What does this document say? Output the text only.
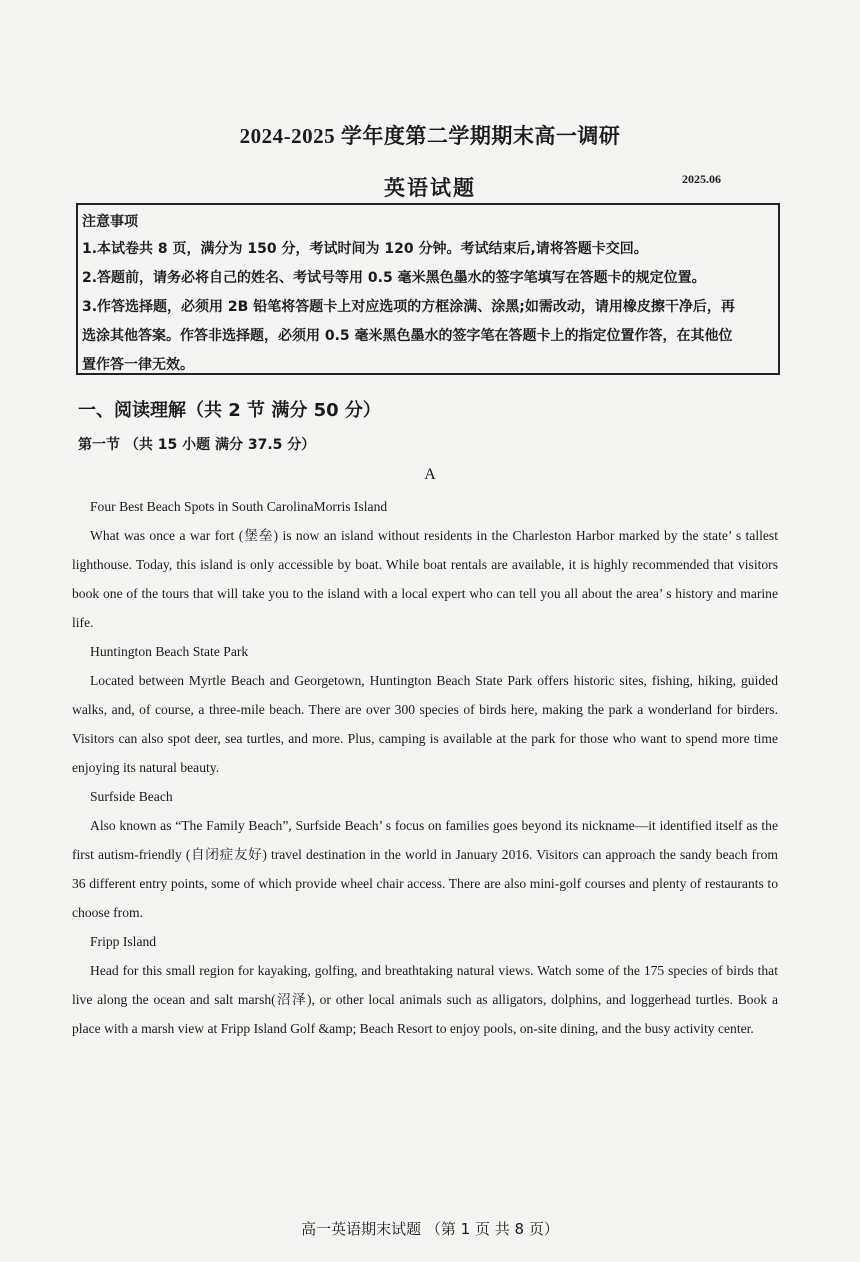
2024-2025 学年度第二学期期末高一调研
英语试题	2025.06
注意事项
1.本试卷共 8 页，满分为 150 分，考试时间为 120 分钟。考试结束后,请将答题卡交回。
2.答题前，请务必将自己的姓名、考试号等用 0.5 毫米黑色墨水的签字笔填写在答题卡的规定位置。
3.作答选择题，必须用 2B 铅笔将答题卡上对应选项的方框涂满、涂黑;如需改动，请用橡皮擦干净后，再
选涂其他答案。作答非选择题，必须用 0.5 毫米黑色墨水的签字笔在答题卡上的指定位置作答，在其他位
置作答一律无效。
一、阅读理解（共 2 节 满分 50 分）
第一节 （共 15 小题 满分 37.5 分）
A

Four Best Beach Spots in South CarolinaMorris Island

What was once a war fort (堡垒) is now an island without residents in the Charleston Harbor marked by the state’ s tallest lighthouse. Today, this island is only accessible by boat. While boat rentals are available, it is highly recommended that visitors book one of the tours that will take you to the island with a local expert who can tell you all about the area’ s history and marine life.

Huntington Beach State Park

Located between Myrtle Beach and Georgetown, Huntington Beach State Park offers historic sites, fishing, hiking, guided walks, and, of course, a three-mile beach. There are over 300 species of birds here, making the park a wonderland for birders. Visitors can also spot deer, sea turtles, and more. Plus, camping is available at the park for those who want to spend more time enjoying its natural beauty.

Surfside Beach

Also known as “The Family Beach”, Surfside Beach’ s focus on families goes beyond its nickname—it identified itself as the first autism-friendly (自闭症友好) travel destination in the world in January 2016. Visitors can approach the sandy beach from 36 different entry points, some of which provide wheel chair access. There are also mini-golf courses and plenty of restaurants to choose from.

Fripp Island

Head for this small region for kayaking, golfing, and breathtaking natural views. Watch some of the 175 species of birds that live along the ocean and salt marsh(沼泽), or other local animals such as alligators, dolphins, and loggerhead turtles. Book a place with a marsh view at Fripp Island Golf &amp; Beach Resort to enjoy pools, on-site dining, and the busy activity center.

高一英语期末试题 （第 1 页 共 8 页）
